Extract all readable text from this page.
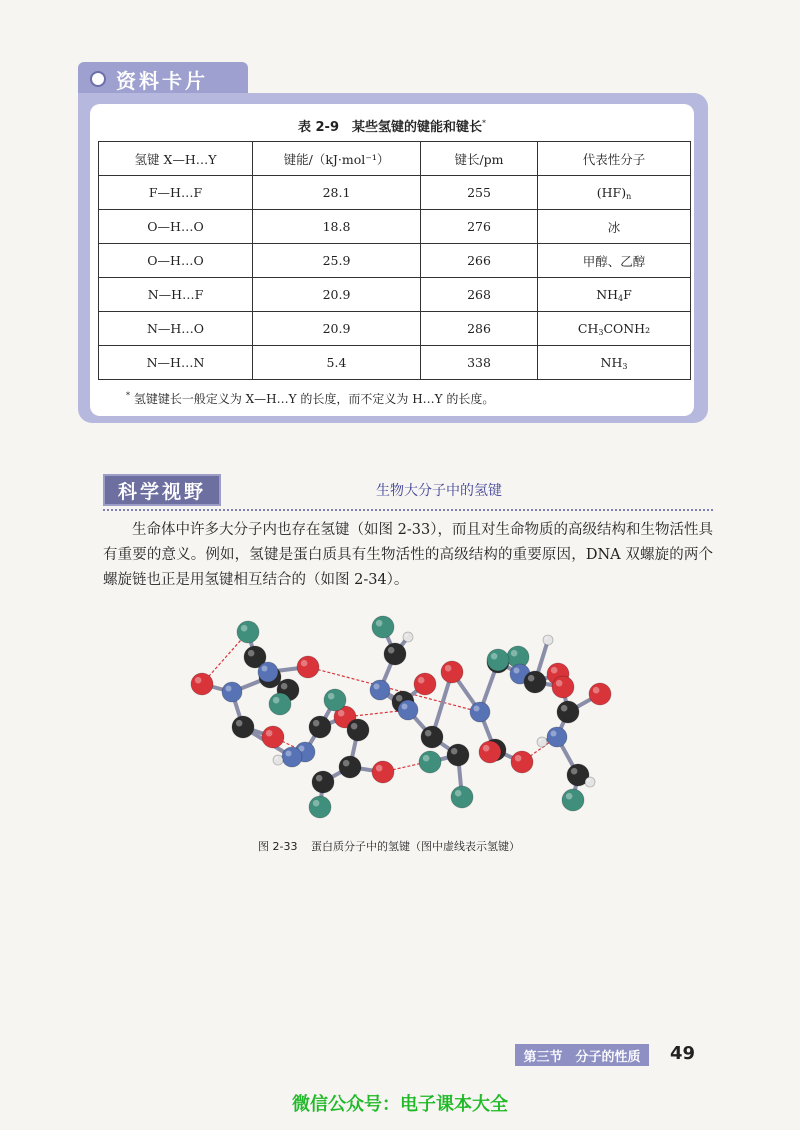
资料卡片
表 2-9　某些氢键的键能和键长*
氢键 X—H…Y	键能/（kJ·mol⁻¹）	键长/pm	代表性分子
F—H…F	28.1	255	$(HF)_n$
O—H…O	18.8	276	冰
O—H…O	25.9	266	甲醇、乙醇
N—H…F	20.9	268	$NH_4F$
N—H…O	20.9	286	$CH_3CONH_2$
N—H…N	5.4	338	$NH_3$
* 氢键键长一般定义为 X—H…Y 的长度，而不定义为 H…Y 的长度。
科学视野	生物大分子中的氢键

生命体中许多大分子内也存在氢键（如图 2-33），而且对生命物质的高级结构和生物活性具有重要的意义。例如，氢键是蛋白质具有生物活性的高级结构的重要原因，DNA 双螺旋的两个螺旋链也正是用氢键相互结合的（如图 2-34）。

图 2-33 蛋白质分子中的氢键（图中虚线表示氢键）
第三节　分子的性质	49
微信公众号：电子课本大全
